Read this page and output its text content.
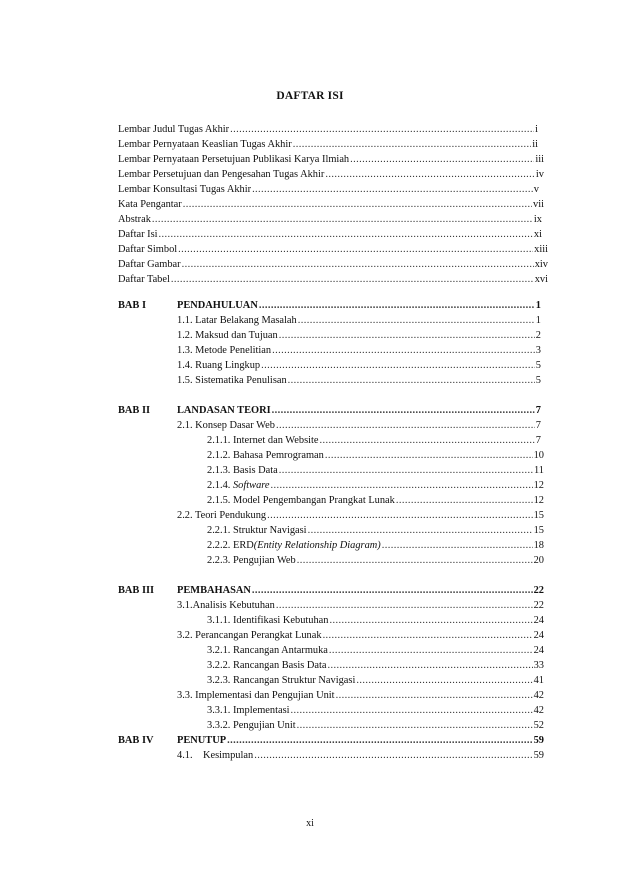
DAFTAR ISI
Lembar Judul Tugas Akhir .....	i
Lembar Pernyataan Keaslian Tugas Akhir .....	ii
Lembar Pernyataan Persetujuan Publikasi Karya Ilmiah .....	iii
Lembar Persetujuan dan Pengesahan Tugas Akhir .....	iv
Lembar Konsultasi Tugas Akhir .....	v
Kata Pengantar .....	vii
Abstrak .....	ix
Daftar Isi .....	xi
Daftar Simbol .....	xiii
Daftar Gambar .....	xiv
Daftar Tabel .....	xvi
BAB I	PENDAHULUAN .....	1
1.1. Latar Belakang Masalah .....	1
1.2. Maksud dan Tujuan .....	2
1.3. Metode Penelitian .....	3
1.4. Ruang Lingkup .....	5
1.5. Sistematika Penulisan .....	5
BAB II	LANDASAN TEORI .....	7
2.1. Konsep Dasar Web .....	7
2.1.1. Internet dan Website .....	7
2.1.2. Bahasa Pemrograman .....	10
2.1.3. Basis Data .....	11
2.1.4. Software .....	12
2.1.5. Model Pengembangan Prangkat Lunak .....	12
2.2. Teori Pendukung .....	15
2.2.1. Struktur Navigasi .....	15
2.2.2. ERD(Entity Relationship Diagram) .....	18
2.2.3. Pengujian Web .....	20
BAB III PEMBAHASAN .....	22
3.1.Analisis Kebutuhan .....	22
3.1.1. Identifikasi Kebutuhan .....	24
3.2. Perancangan Perangkat Lunak .....	24
3.2.1. Rancangan Antarmuka .....	24
3.2.2. Rancangan Basis Data .....	33
3.2.3. Rancangan Struktur Navigasi .....	41
3.3. Implementasi dan Pengujian Unit .....	42
3.3.1. Implementasi .....	42
3.3.2. Pengujian Unit .....	52
BAB IV PENUTUP .....	59
4.1.    Kesimpulan .....	59
xi
